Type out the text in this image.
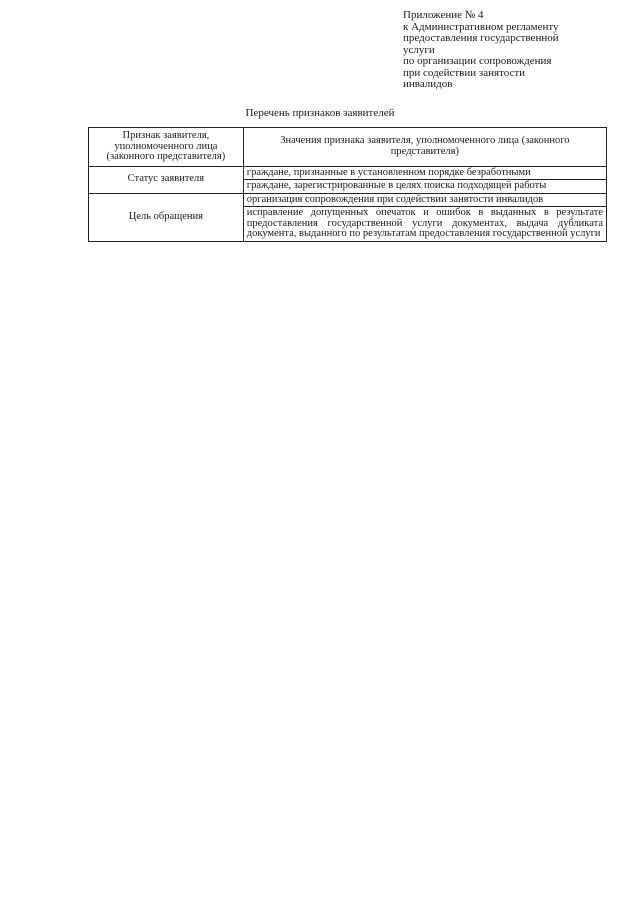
Приложение № 4
к Административном регламенту
предоставления государственной
услуги
по организации сопровождения
при содействии занятости
инвалидов
Перечень признаков заявителей
Признак заявителя, уполномоченного лица (законного представителя)	Значения признака заявителя, уполномоченного лица (законного представителя)
Статус заявителя	граждане, признанные в установленном порядке безработными
	граждане, зарегистрированные в целях поиска подходящей работы
Цель обращения	организация сопровождения при содействии занятости инвалидов
	исправление допущенных опечаток и ошибок в выданных в результате предоставления государственной услуги документах, выдача дубликата документа, выданного по результатам предоставления государственной услуги
